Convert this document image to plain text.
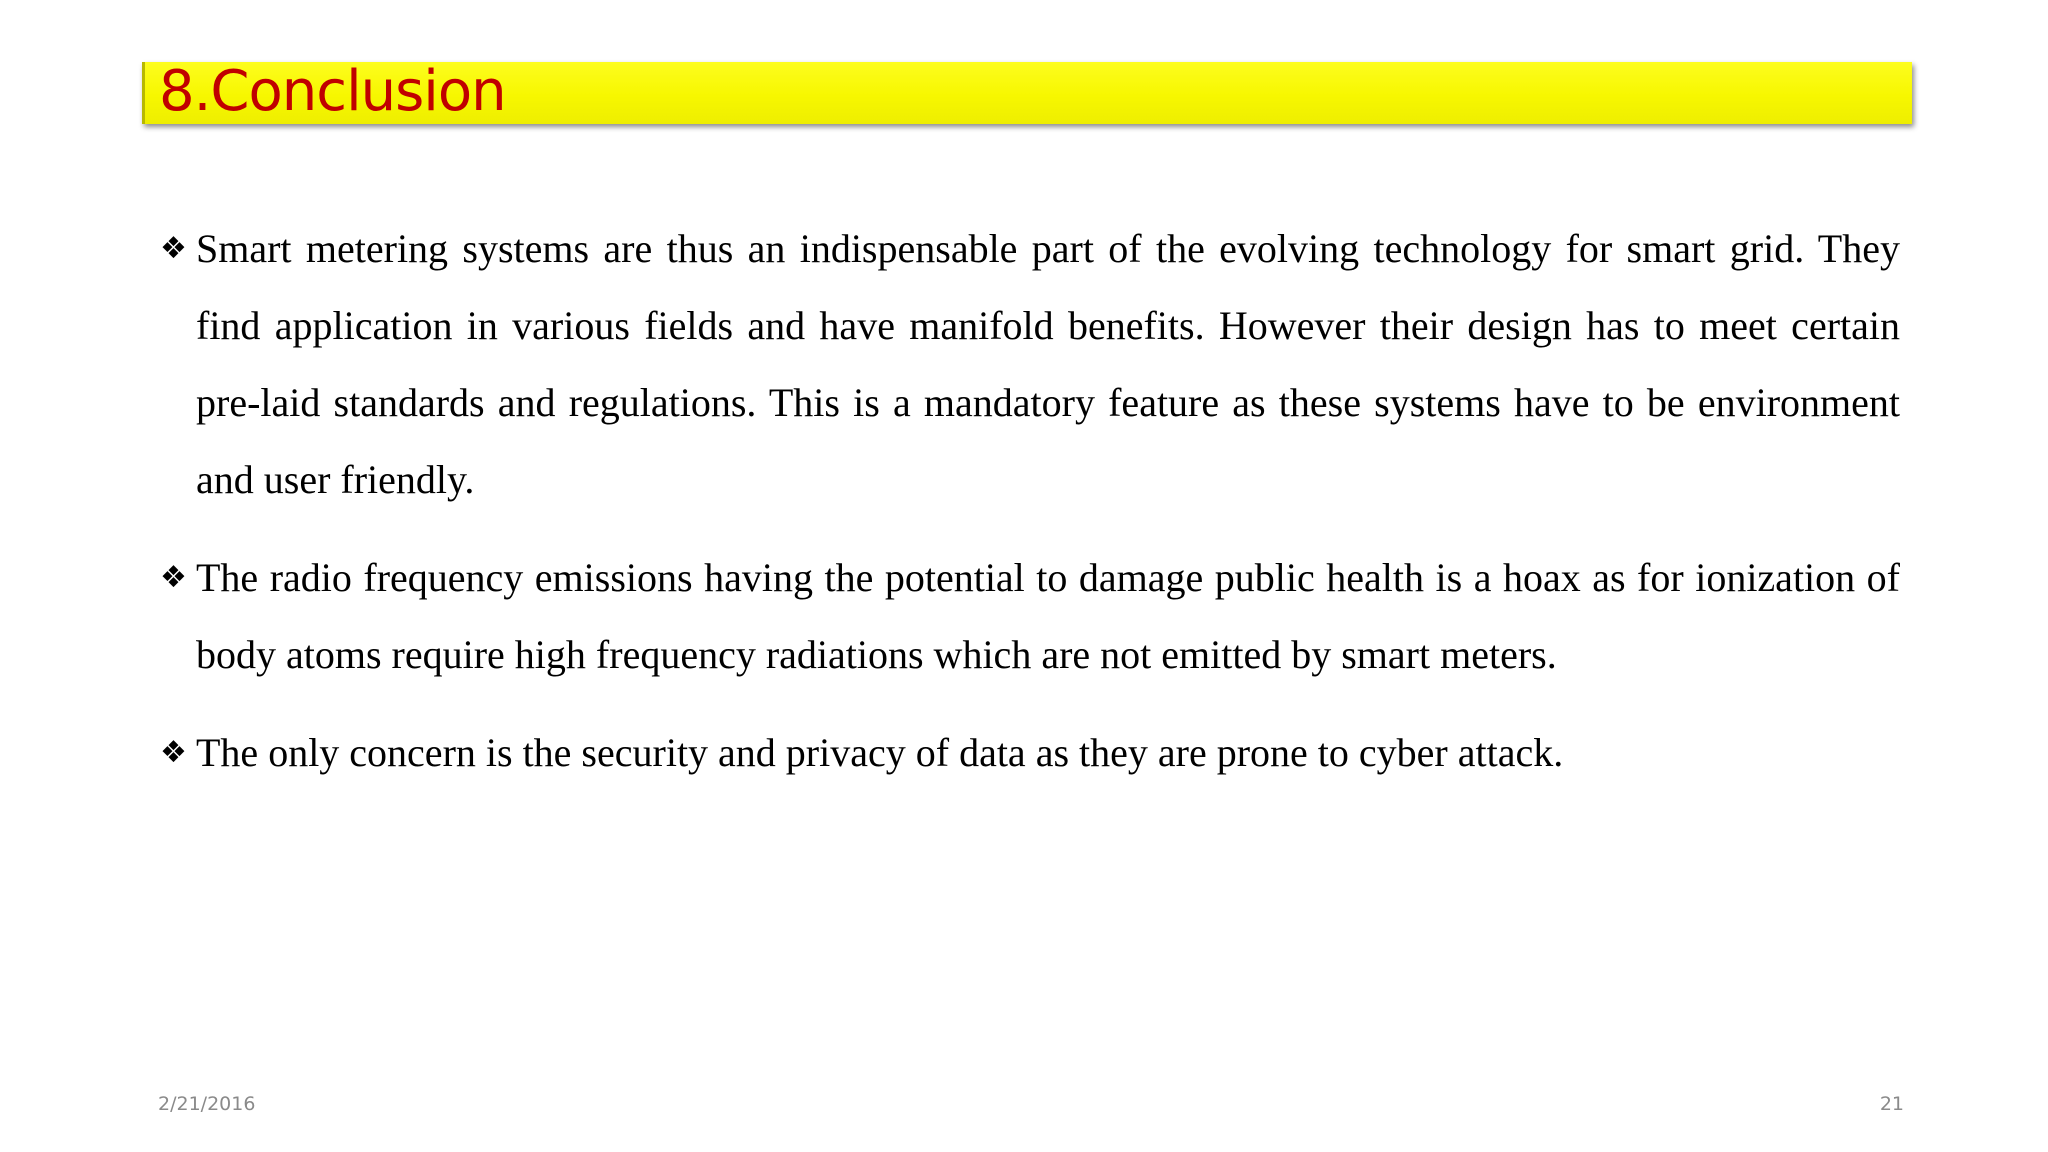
8.Conclusion
❖ Smart metering systems are thus an indispensable part of the evolving technology for smart grid. They find application in various fields and have manifold benefits. However their design has to meet certain pre-laid standards and regulations. This is a mandatory feature as these systems have to be environment and user friendly.
❖ The radio frequency emissions having the potential to damage public health is a hoax as for ionization of body atoms require high frequency radiations which are not emitted by smart meters.
❖ The only concern is the security and privacy of data as they are prone to cyber attack.
2/21/2016	21
